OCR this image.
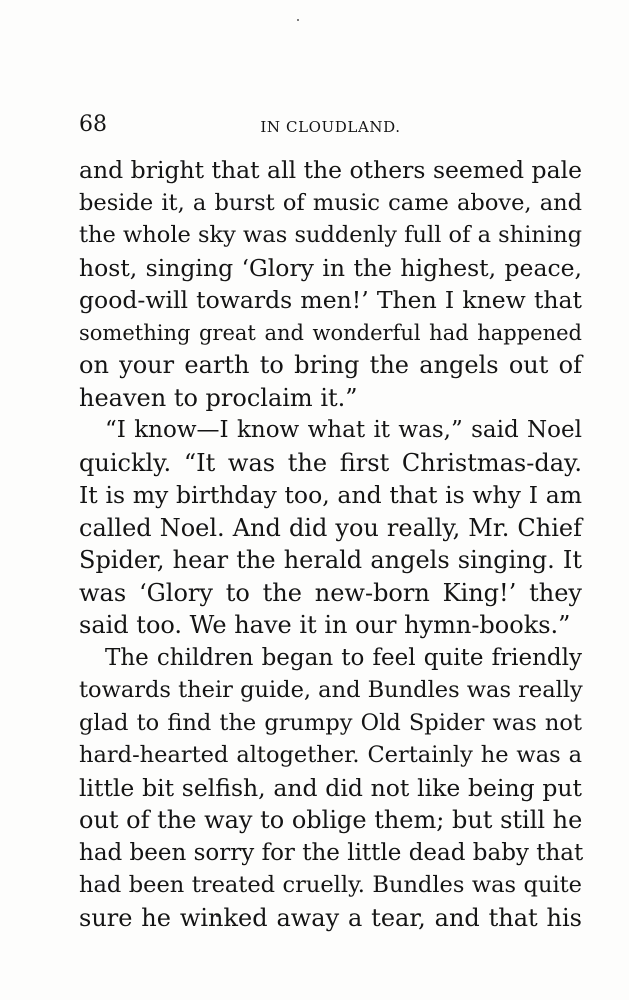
68	IN CLOUDLAND.
and bright that all the others seemed pale
beside it, a burst of music came above, and
the whole sky was suddenly full of a shining
host, singing ‘Glory in the highest, peace,
good-will towards men!’ Then I knew that
something great and wonderful had happened
on your earth to bring the angels out of
heaven to proclaim it.”
“I know—I know what it was,” said Noel
quickly. “It was the first Christmas-day.
It is my birthday too, and that is why I am
called Noel. And did you really, Mr. Chief
Spider, hear the herald angels singing. It
was ‘Glory to the new-born King!’ they
said too. We have it in our hymn-books.”
The children began to feel quite friendly
towards their guide, and Bundles was really
glad to find the grumpy Old Spider was not
hard-hearted altogether. Certainly he was a
little bit selfish, and did not like being put
out of the way to oblige them; but still he
had been sorry for the little dead baby that
had been treated cruelly. Bundles was quite
sure he winked away a tear, and that his
